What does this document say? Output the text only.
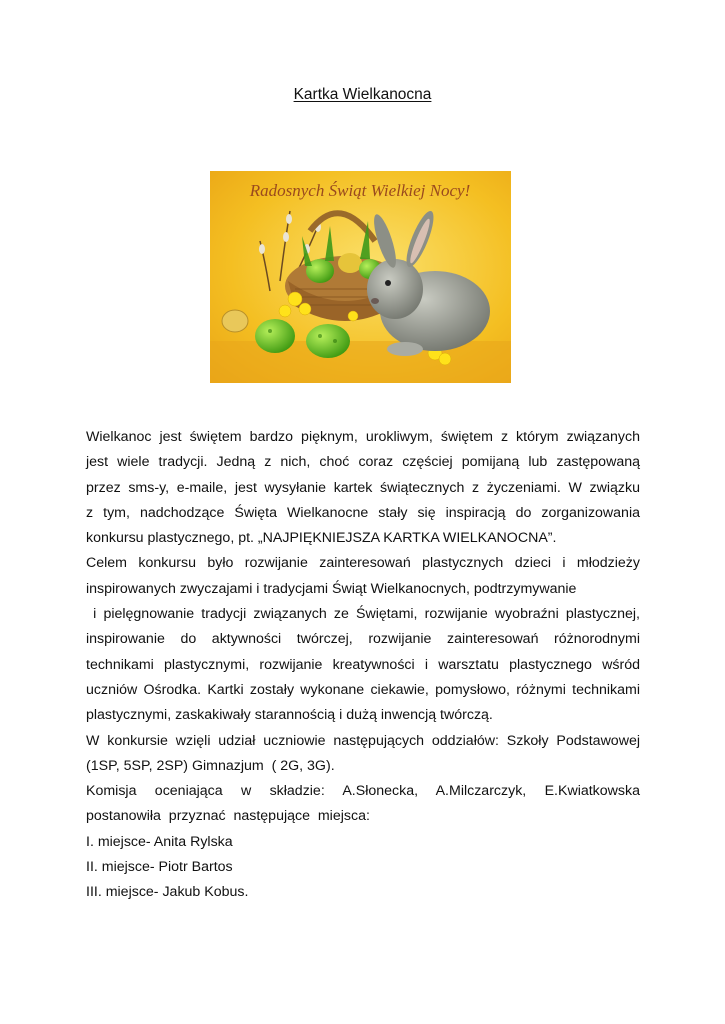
Kartka Wielkanocna
Radosnych Świąt Wielkiej Nocy!
Wielkanoc jest świętem bardzo pięknym, urokliwym, świętem z którym związanych
jest wiele tradycji. Jedną z nich, choć coraz częściej pomijaną lub zastępowaną
przez sms-y, e-maile, jest wysyłanie kartek świątecznych z życzeniami. W związku
z tym, nadchodzące Święta Wielkanocne stały się inspiracją do zorganizowania
konkursu plastycznego, pt. „NAJPIĘKNIEJSZA KARTKA WIELKANOCNA”.
Celem konkursu było rozwijanie zainteresowań plastycznych dzieci i młodzieży
inspirowanych zwyczajami i tradycjami Świąt Wielkanocnych, podtrzymywanie
i pielęgnowanie tradycji związanych ze Świętami, rozwijanie wyobraźni plastycznej,
inspirowanie do aktywności twórczej, rozwijanie zainteresowań różnorodnymi
technikami plastycznymi, rozwijanie kreatywności i warsztatu plastycznego wśród
uczniów Ośrodka. Kartki zostały wykonane ciekawie, pomysłowo, różnymi technikami
plastycznymi, zaskakiwały starannością i dużą inwencją twórczą.
W konkursie wzięli udział uczniowie następujących oddziałów: Szkoły Podstawowej
(1SP, 5SP, 2SP) Gimnazjum  ( 2G, 3G).
Komisja oceniająca w składzie: A.Słonecka, A.Milczarczyk, E.Kwiatkowska
postanowiła  przyznać  następujące  miejsca:
I. miejsce- Anita Rylska
II. miejsce- Piotr Bartos
III. miejsce- Jakub Kobus.
